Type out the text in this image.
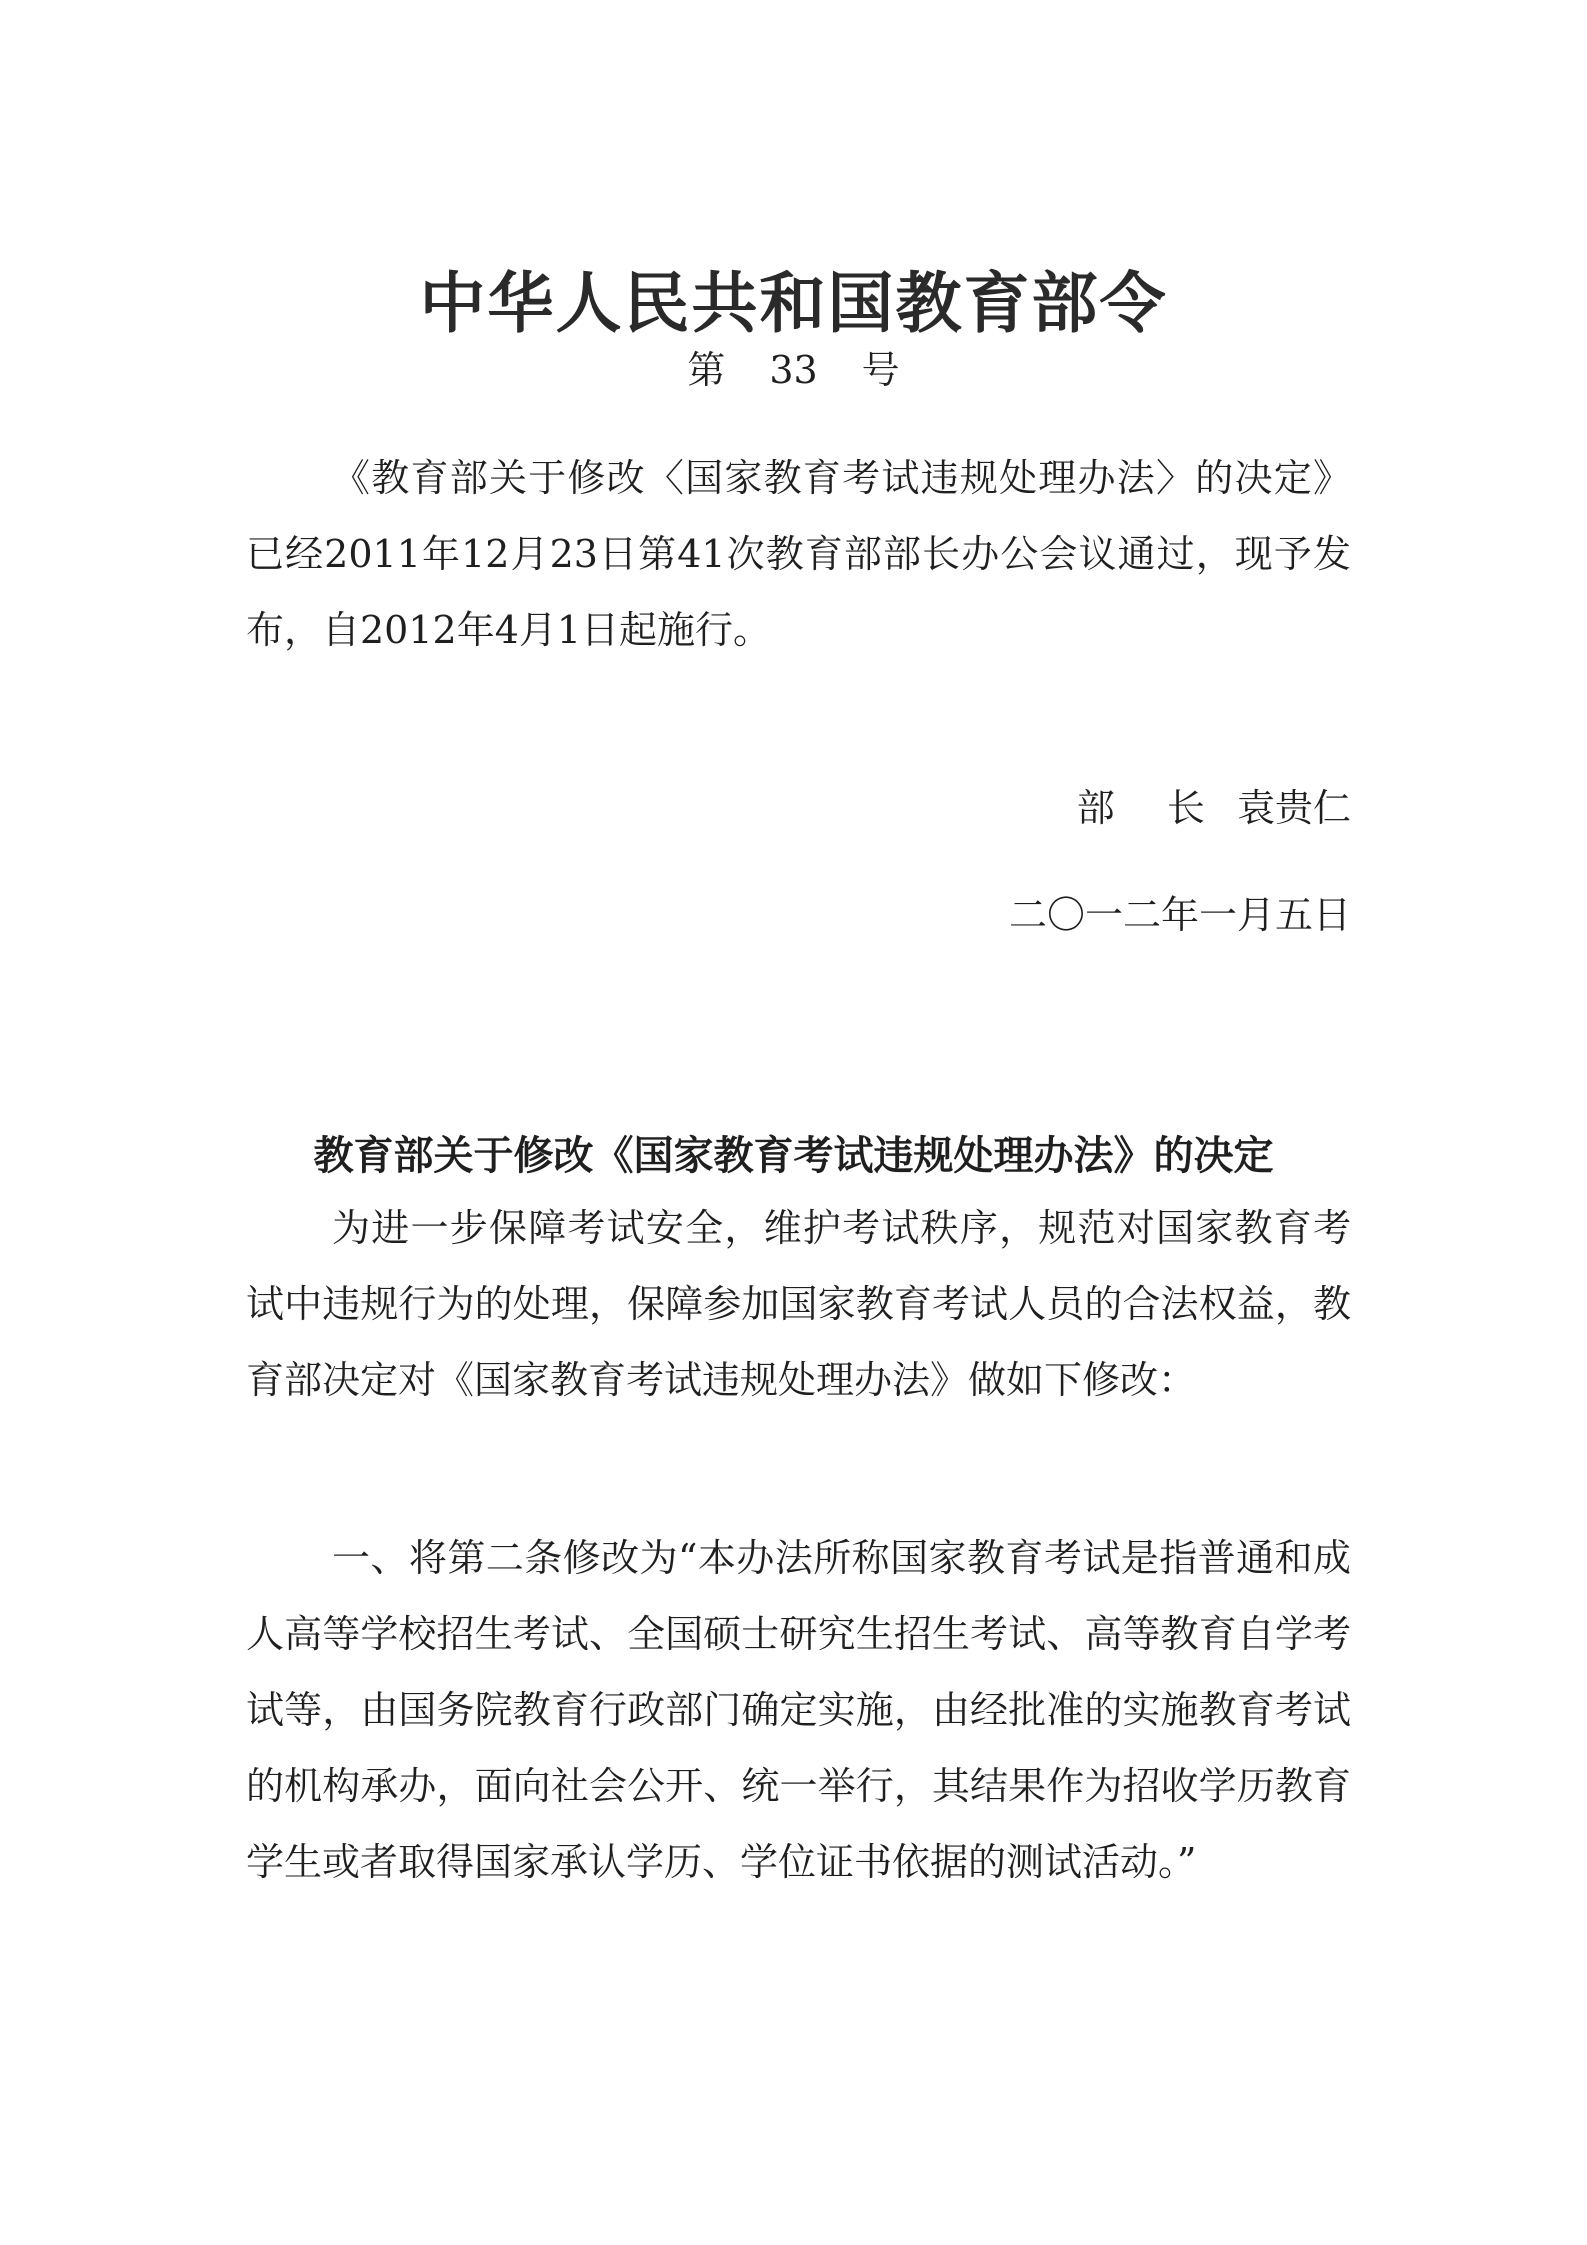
中华人民共和国教育部令
第 33 号

《教育部关于修改〈国家教育考试违规处理办法〉的决定》已经2011年12月23日第41次教育部部长办公会议通过，现予发布，自2012年4月1日起施行。

部 长 袁贵仁
二〇一二年一月五日
教育部关于修改《国家教育考试违规处理办法》的决定

为进一步保障考试安全，维护考试秩序，规范对国家教育考试中违规行为的处理，保障参加国家教育考试人员的合法权益，教育部决定对《国家教育考试违规处理办法》做如下修改：

一、将第二条修改为“本办法所称国家教育考试是指普通和成人高等学校招生考试、全国硕士研究生招生考试、高等教育自学考试等，由国务院教育行政部门确定实施，由经批准的实施教育考试的机构承办，面向社会公开、统一举行，其结果作为招收学历教育学生或者取得国家承认学历、学位证书依据的测试活动。”
